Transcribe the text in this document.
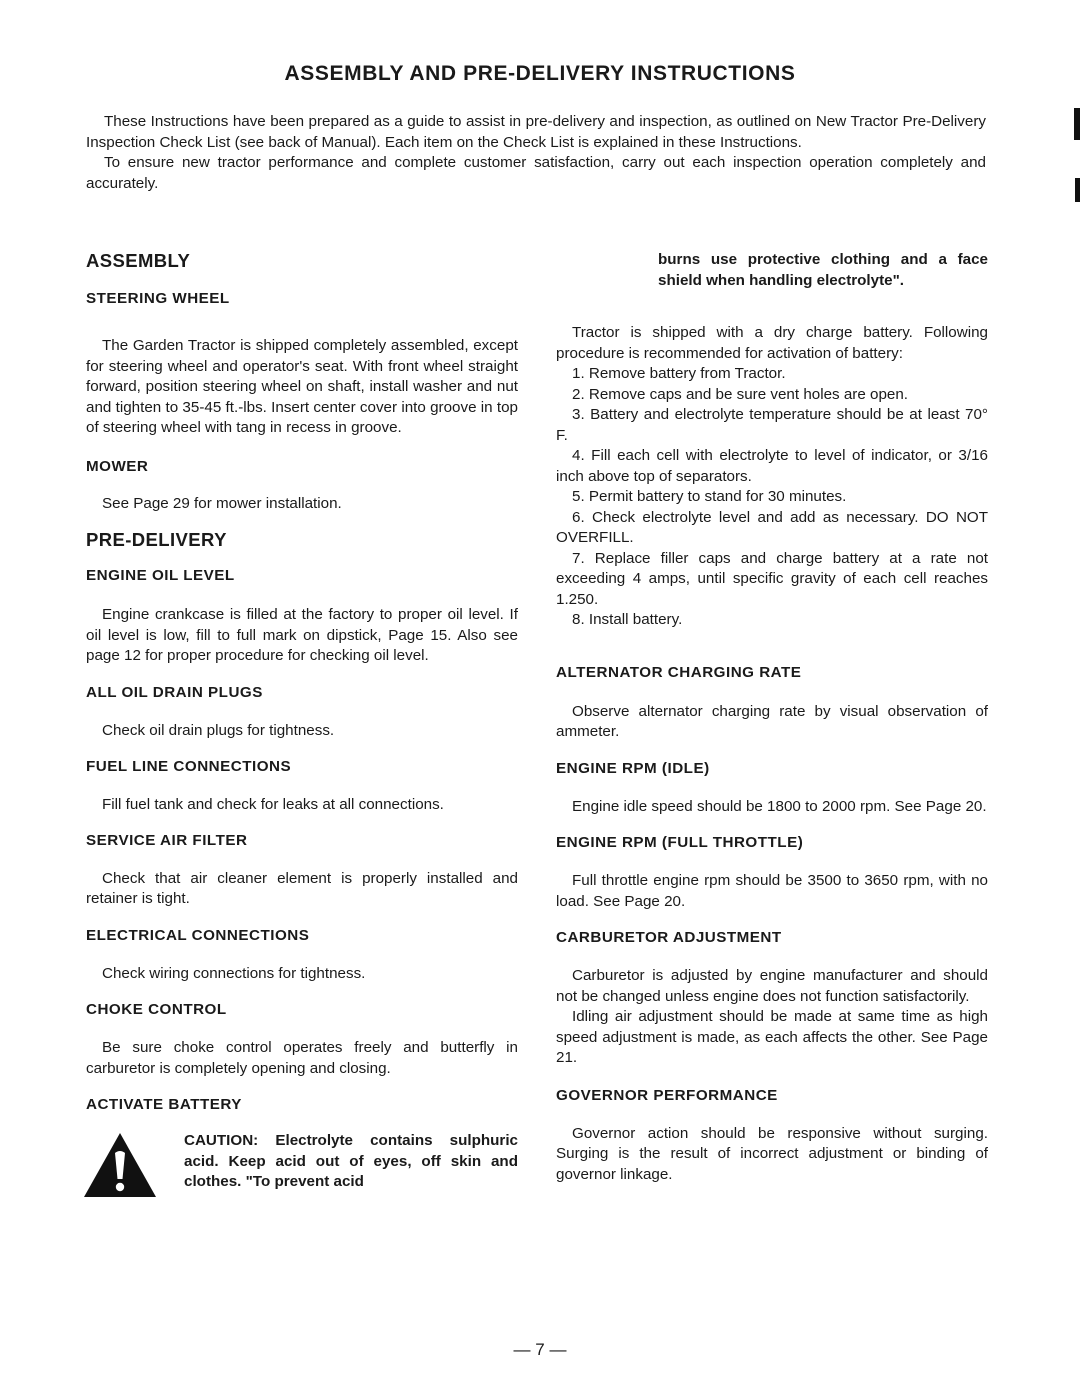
ASSEMBLY AND PRE-DELIVERY INSTRUCTIONS

These Instructions have been prepared as a guide to assist in pre-delivery and inspection, as outlined on New Tractor Pre-Delivery Inspection Check List (see back of Manual). Each item on the Check List is explained in these Instructions.

To ensure new tractor performance and complete customer satisfaction, carry out each inspection operation completely and accurately.

ASSEMBLY
STEERING WHEEL

The Garden Tractor is shipped completely assembled, except for steering wheel and operator's seat. With front wheel straight forward, position steering wheel on shaft, install washer and nut and tighten to 35-45 ft.-lbs. Insert center cover into groove in top of steering wheel with tang in recess in groove.

MOWER

See Page 29 for mower installation.

PRE-DELIVERY
ENGINE OIL LEVEL

Engine crankcase is filled at the factory to proper oil level. If oil level is low, fill to full mark on dipstick, Page 15. Also see page 12 for proper procedure for checking oil level.

ALL OIL DRAIN PLUGS

Check oil drain plugs for tightness.

FUEL LINE CONNECTIONS

Fill fuel tank and check for leaks at all connections.

SERVICE AIR FILTER

Check that air cleaner element is properly installed and retainer is tight.

ELECTRICAL CONNECTIONS

Check wiring connections for tightness.

CHOKE CONTROL

Be sure choke control operates freely and butterfly in carburetor is completely opening and closing.

ACTIVATE BATTERY

CAUTION: Electrolyte contains sulphuric acid. Keep acid out of eyes, off skin and clothes. "To prevent acid

burns use protective clothing and a face shield when handling electrolyte".

Tractor is shipped with a dry charge battery. Following procedure is recommended for activation of battery:

1. Remove battery from Tractor.

2. Remove caps and be sure vent holes are open.

3. Battery and electrolyte temperature should be at least 70° F.

4. Fill each cell with electrolyte to level of indicator, or 3/16 inch above top of separators.

5. Permit battery to stand for 30 minutes.

6. Check electrolyte level and add as necessary. DO NOT OVERFILL.

7. Replace filler caps and charge battery at a rate not exceeding 4 amps, until specific gravity of each cell reaches 1.250.

8. Install battery.

ALTERNATOR CHARGING RATE

Observe alternator charging rate by visual observation of ammeter.

ENGINE RPM (IDLE)

Engine idle speed should be 1800 to 2000 rpm. See Page 20.

ENGINE RPM (FULL THROTTLE)

Full throttle engine rpm should be 3500 to 3650 rpm, with no load. See Page 20.

CARBURETOR ADJUSTMENT

Carburetor is adjusted by engine manufacturer and should not be changed unless engine does not function satisfactorily.

Idling air adjustment should be made at same time as high speed adjustment is made, as each affects the other. See Page 21.

GOVERNOR PERFORMANCE

Governor action should be responsive without surging. Surging is the result of incorrect adjustment or binding of governor linkage.

— 7 —
